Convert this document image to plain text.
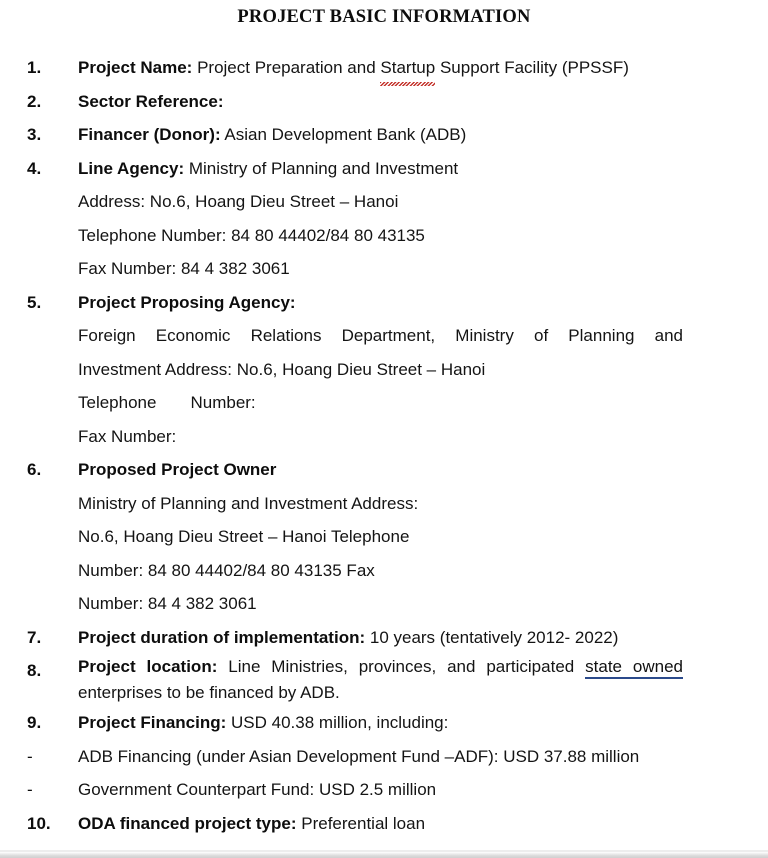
PROJECT BASIC INFORMATION
1.	Project Name: Project Preparation and Startup Support Facility (PPSSF)
2.	Sector Reference:
3.	Financer (Donor): Asian Development Bank (ADB)
4.	Line Agency: Ministry of Planning and Investment
Address: No.6, Hoang Dieu Street – Hanoi
Telephone Number: 84 80 44402/84 80 43135
Fax Number: 84 4 382 3061
5.	Project Proposing Agency:
Foreign Economic Relations Department, Ministry of Planning and
Investment Address: No.6, Hoang Dieu Street – Hanoi
Telephone Number:
Fax Number:
6.	Proposed Project Owner
Ministry of Planning and Investment Address:
No.6, Hoang Dieu Street – Hanoi Telephone
Number: 84 80 44402/84 80 43135 Fax
Number: 84 4 382 3061
7.	Project duration of implementation: 10 years (tentatively 2012- 2022)
8.	Project location: Line Ministries, provinces, and participated state owned enterprises to be financed by ADB.
9.	Project Financing: USD 40.38 million, including:
-	ADB Financing (under Asian Development Fund –ADF): USD 37.88 million
-	Government Counterpart Fund: USD 2.5 million
10.	ODA financed project type: Preferential loan
